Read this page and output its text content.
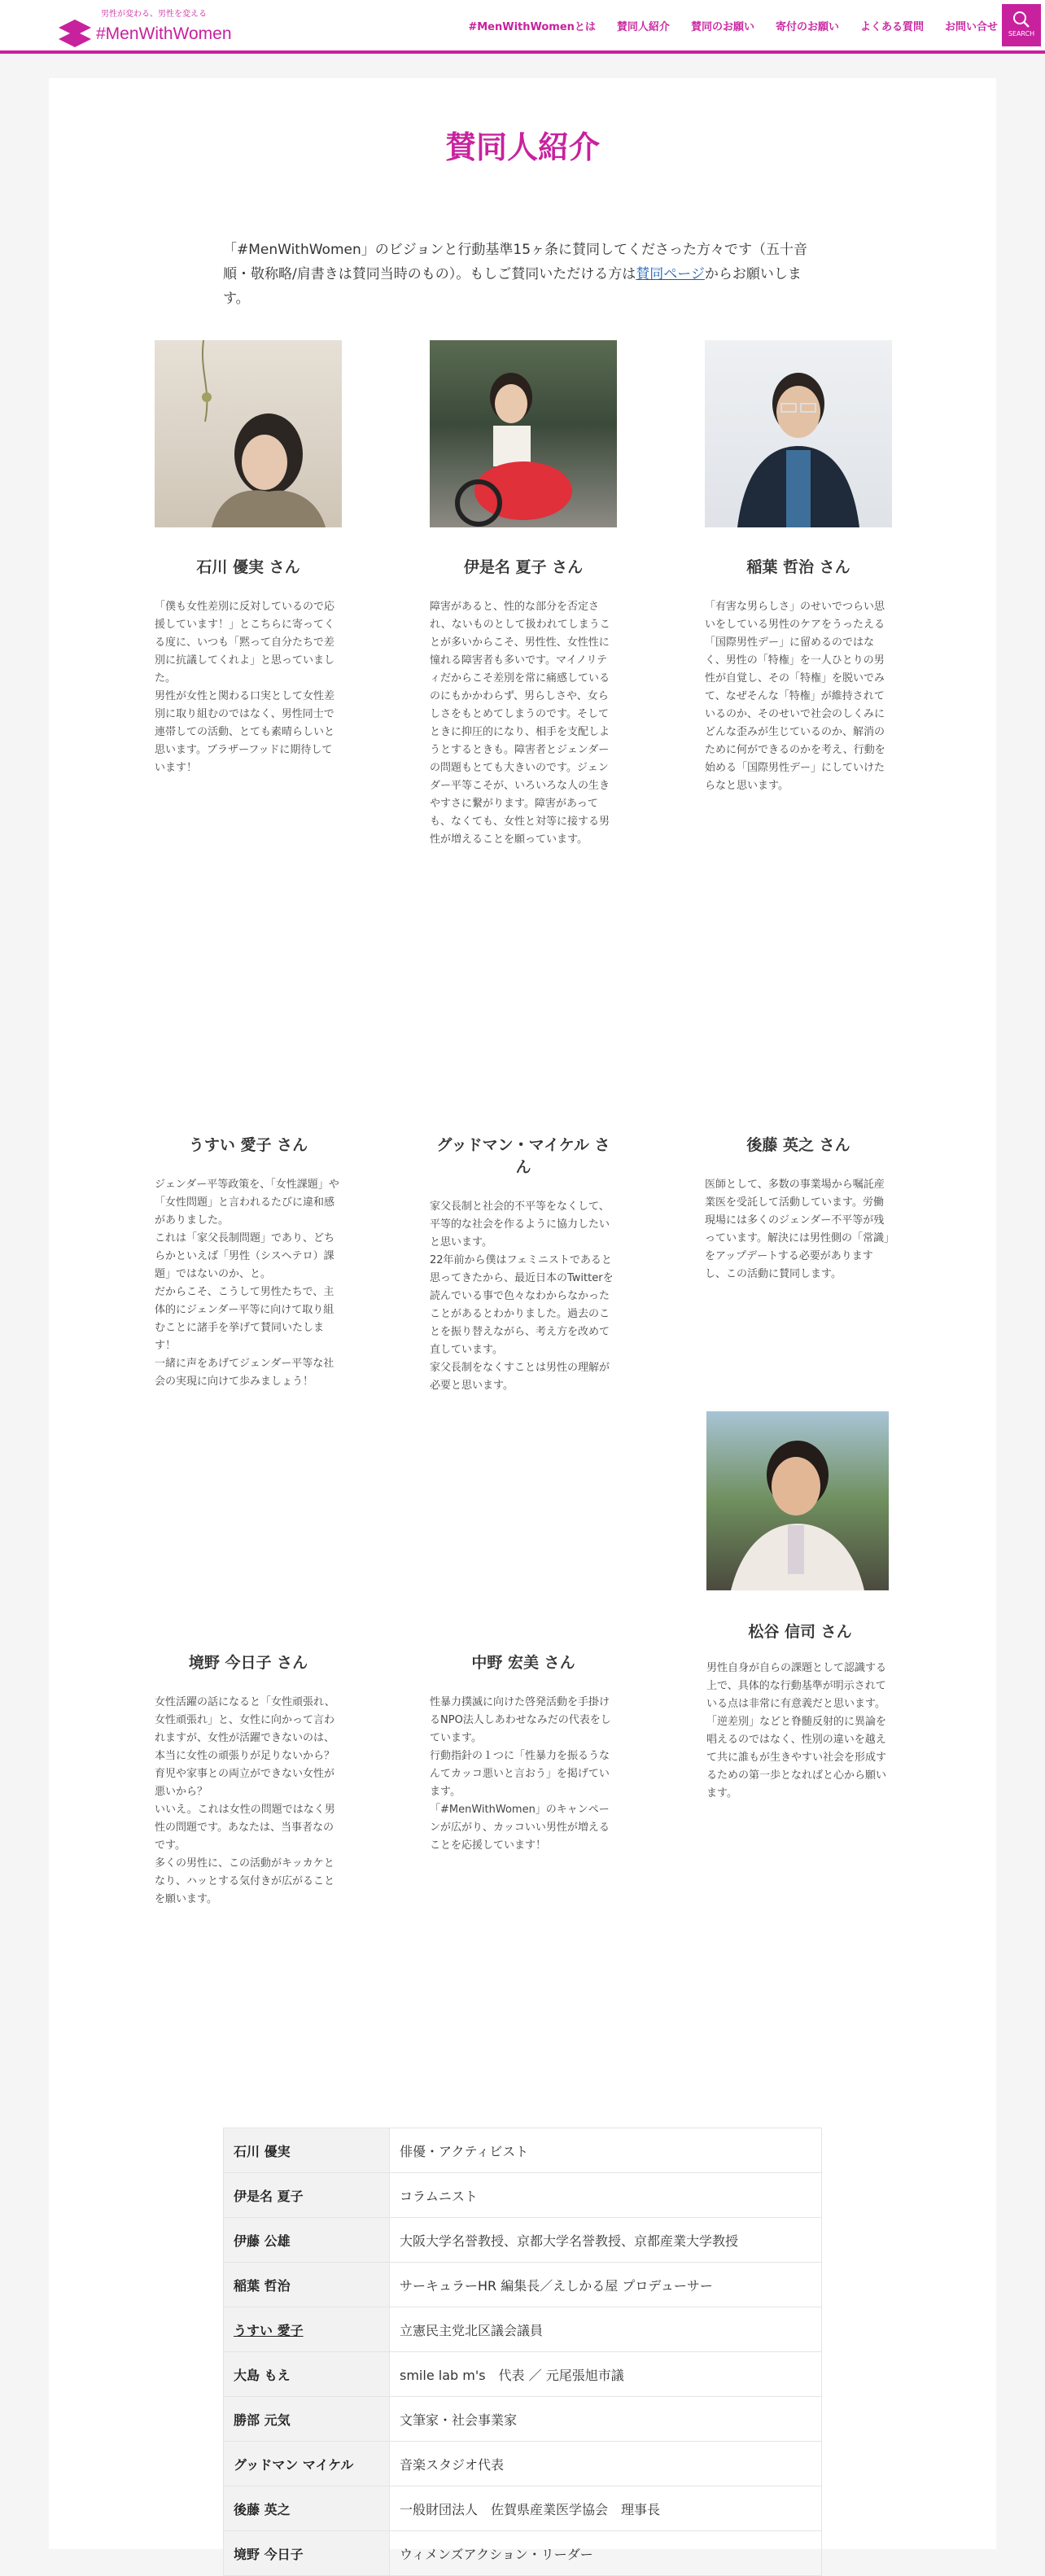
男性が変わる、男性を変える
#MenWithWomen	#MenWithWomenとは 賛同人紹介 賛同のお願い 寄付のお願い よくある質問 お問い合せ
SEARCH
賛同人紹介

「#MenWithWomen」のビジョンと行動基準15ヶ条に賛同してくださった方々です（五十音順・敬称略/肩書きは賛同当時のもの）。もしご賛同いただける方は賛同ページからお願いします。

石川 優実 さん
「僕も女性差別に反対しているので応援しています！」とこちらに寄ってくる度に、いつも「黙って自分たちで差別に抗議してくれよ」と思っていました。
男性が女性と関わる口実として女性差別に取り組むのではなく、男性同士で連帯しての活動、とても素晴らしいと思います。ブラザーフッドに期待しています！
伊是名 夏子 さん
障害があると、性的な部分を否定され、ないものとして扱われてしまうことが多いからこそ、男性性、女性性に憧れる障害者も多いです。マイノリティだからこそ差別を常に痛感しているのにもかかわらず、男らしさや、女らしさをもとめてしまうのです。そしてときに抑圧的になり、相手を支配しようとするときも。障害者とジェンダーの問題もとても大きいのです。ジェンダー平等こそが、いろいろな人の生きやすさに繋がります。障害があっても、なくても、女性と対等に接する男性が増えることを願っています。
稲葉 哲治 さん
「有害な男らしさ」のせいでつらい思いをしている男性のケアをうったえる「国際男性デー」に留めるのではなく、男性の「特権」を一人ひとりの男性が自覚し、その「特権」を脱いでみて、なぜそんな「特権」が維持されているのか、そのせいで社会のしくみにどんな歪みが生じているのか、解消のために何ができるのかを考え、行動を始める「国際男性デー」にしていけたらなと思います。
うすい 愛子 さん
ジェンダー平等政策を、「女性課題」や「女性問題」と言われるたびに違和感がありました。
これは「家父長制問題」であり、どちらかといえば「男性（シスヘテロ）課題」ではないのか、と。
だからこそ、こうして男性たちで、主体的にジェンダー平等に向けて取り組むことに諸手を挙げて賛同いたします！
一緒に声をあげてジェンダー平等な社会の実現に向けて歩みましょう！
グッドマン・マイケル さん
家父長制と社会的不平等をなくして、平等的な社会を作るように協力したいと思います。
22年前から僕はフェミニストであると思ってきたから、最近日本のTwitterを読んでいる事で色々なわからなかったことがあるとわかりました。過去のことを振り替えながら、考え方を改めて直しています。
家父長制をなくすことは男性の理解が必要と思います。
後藤 英之 さん
医師として、多数の事業場から嘱託産業医を受託して活動しています。労働現場には多くのジェンダー不平等が残っています。解決には男性側の「常識」をアップデートする必要がありますし、この活動に賛同します。
境野 今日子 さん
女性活躍の話になると「女性頑張れ、女性頑張れ」と、女性に向かって言われますが、女性が活躍できないのは、本当に女性の頑張りが足りないから？育児や家事との両立ができない女性が悪いから？
いいえ。これは女性の問題ではなく男性の問題です。あなたは、当事者なのです。
多くの男性に、この活動がキッカケとなり、ハッとする気付きが広がることを願います。
中野 宏美 さん
性暴力撲滅に向けた啓発活動を手掛けるNPO法人しあわせなみだの代表をしています。
行動指針の１つに「性暴力を振るうなんてカッコ悪いと言おう」を掲げています。
「#MenWithWomen」のキャンペーンが広がり、カッコいい男性が増えることを応援しています！
松谷 信司 さん
男性自身が自らの課題として認識する上で、具体的な行動基準が明示されている点は非常に有意義だと思います。「逆差別」などと脊髄反射的に異論を唱えるのではなく、性別の違いを越えて共に誰もが生きやすい社会を形成するための第一歩となればと心から願います。
石川 優実	俳優・アクティビスト
伊是名 夏子	コラムニスト
伊藤 公雄	大阪大学名誉教授、京都大学名誉教授、京都産業大学教授
稲葉 哲治	サーキュラーHR 編集長／えしかる屋 プロデューサー
うすい 愛子	立憲民主党北区議会議員
大島 もえ	smile lab m's　代表 ／ 元尾張旭市議
勝部 元気	文筆家・社会事業家
グッドマン マイケル	音楽スタジオ代表
後藤 英之	一般財団法人　佐賀県産業医学協会　理事長
境野 今日子	ウィメンズアクション・リーダー
